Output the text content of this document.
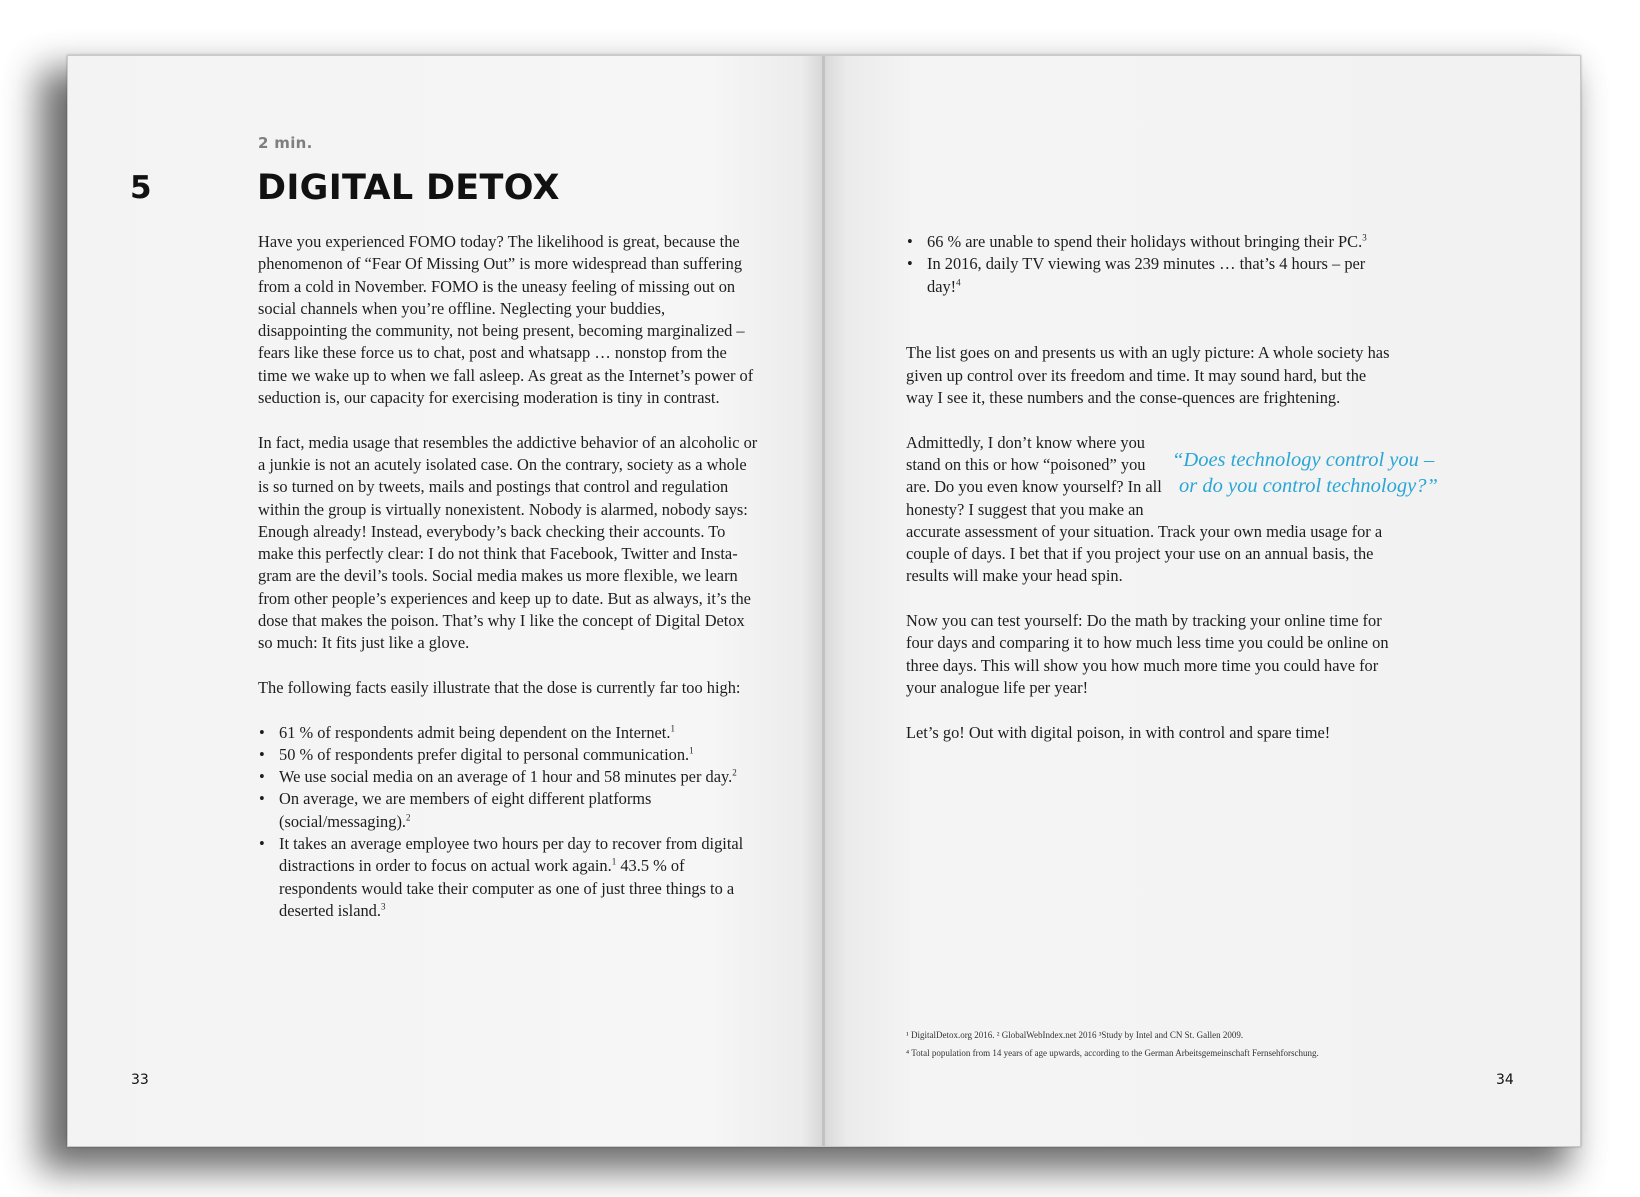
2 min.
5	DIGITAL DETOX

Have you experienced FOMO today? The likelihood is great, because the phenomenon of “Fear Of Missing Out” is more widespread than suffering from a cold in November. FOMO is the uneasy feeling of missing out on social channels when you’re offline. Neglecting your buddies, disappointing the community, not being present, becoming marginalized – fears like these force us to chat, post and whatsapp … nonstop from the time we wake up to when we fall asleep. As great as the Internet’s power of seduction is, our capacity for exercising moderation is tiny in contrast.

In fact, media usage that resembles the addictive behavior of an alcoholic or a junkie is not an acutely isolated case. On the contrary, society as a whole is so turned on by tweets, mails and postings that control and regulation within the group is virtually nonexistent. Nobody is alarmed, nobody says: Enough already! Instead, everybody’s back checking their accounts. To make this perfectly clear: I do not think that Facebook, Twitter and Insta-gram are the devil’s tools. Social media makes us more flexible, we learn from other people’s experiences and keep up to date. But as always, it’s the dose that makes the poison. That’s why I like the concept of Digital Detox so much: It fits just like a glove.

The following facts easily illustrate that the dose is currently far too high:

• 61 % of respondents admit being dependent on the Internet.$^1$
• 50 % of respondents prefer digital to personal communication.$^1$
• We use social media on an average of 1 hour and 58 minutes per day.$^2$
• On average, we are members of eight different platforms (social/messaging).$^2$
• It takes an average employee two hours per day to recover from digital distractions in order to focus on actual work again.$^1$ 43.5 % of respondents would take their computer as one of just three things to a deserted island.$^3$
33
• 66 % are unable to spend their holidays without bringing their PC.$^3$
• In 2016, daily TV viewing was 239 minutes … that’s 4 hours – per day!$^4$

The list goes on and presents us with an ugly picture: A whole society has given up control over its freedom and time. It may sound hard, but the way I see it, these numbers and the conse-quences are frightening.

“Does technology control you –
or do you control technology?”

Admittedly, I don’t know where you stand on this or how “poisoned” you are. Do you even know yourself? In all honesty? I suggest that you make an accurate assessment of your situation. Track your own media usage for a couple of days. I bet that if you project your use on an annual basis, the results will make your head spin.

Now you can test yourself: Do the math by tracking your online time for four days and comparing it to how much less time you could be online on three days. This will show you how much more time you could have for your analogue life per year!

Let’s go! Out with digital poison, in with control and spare time!

¹ DigitalDetox.org 2016. ² GlobalWebIndex.net 2016 ³Study by Intel and CN St. Gallen 2009.
⁴ Total population from 14 years of age upwards, according to the German Arbeitsgemeinschaft Fernsehforschung.
34
